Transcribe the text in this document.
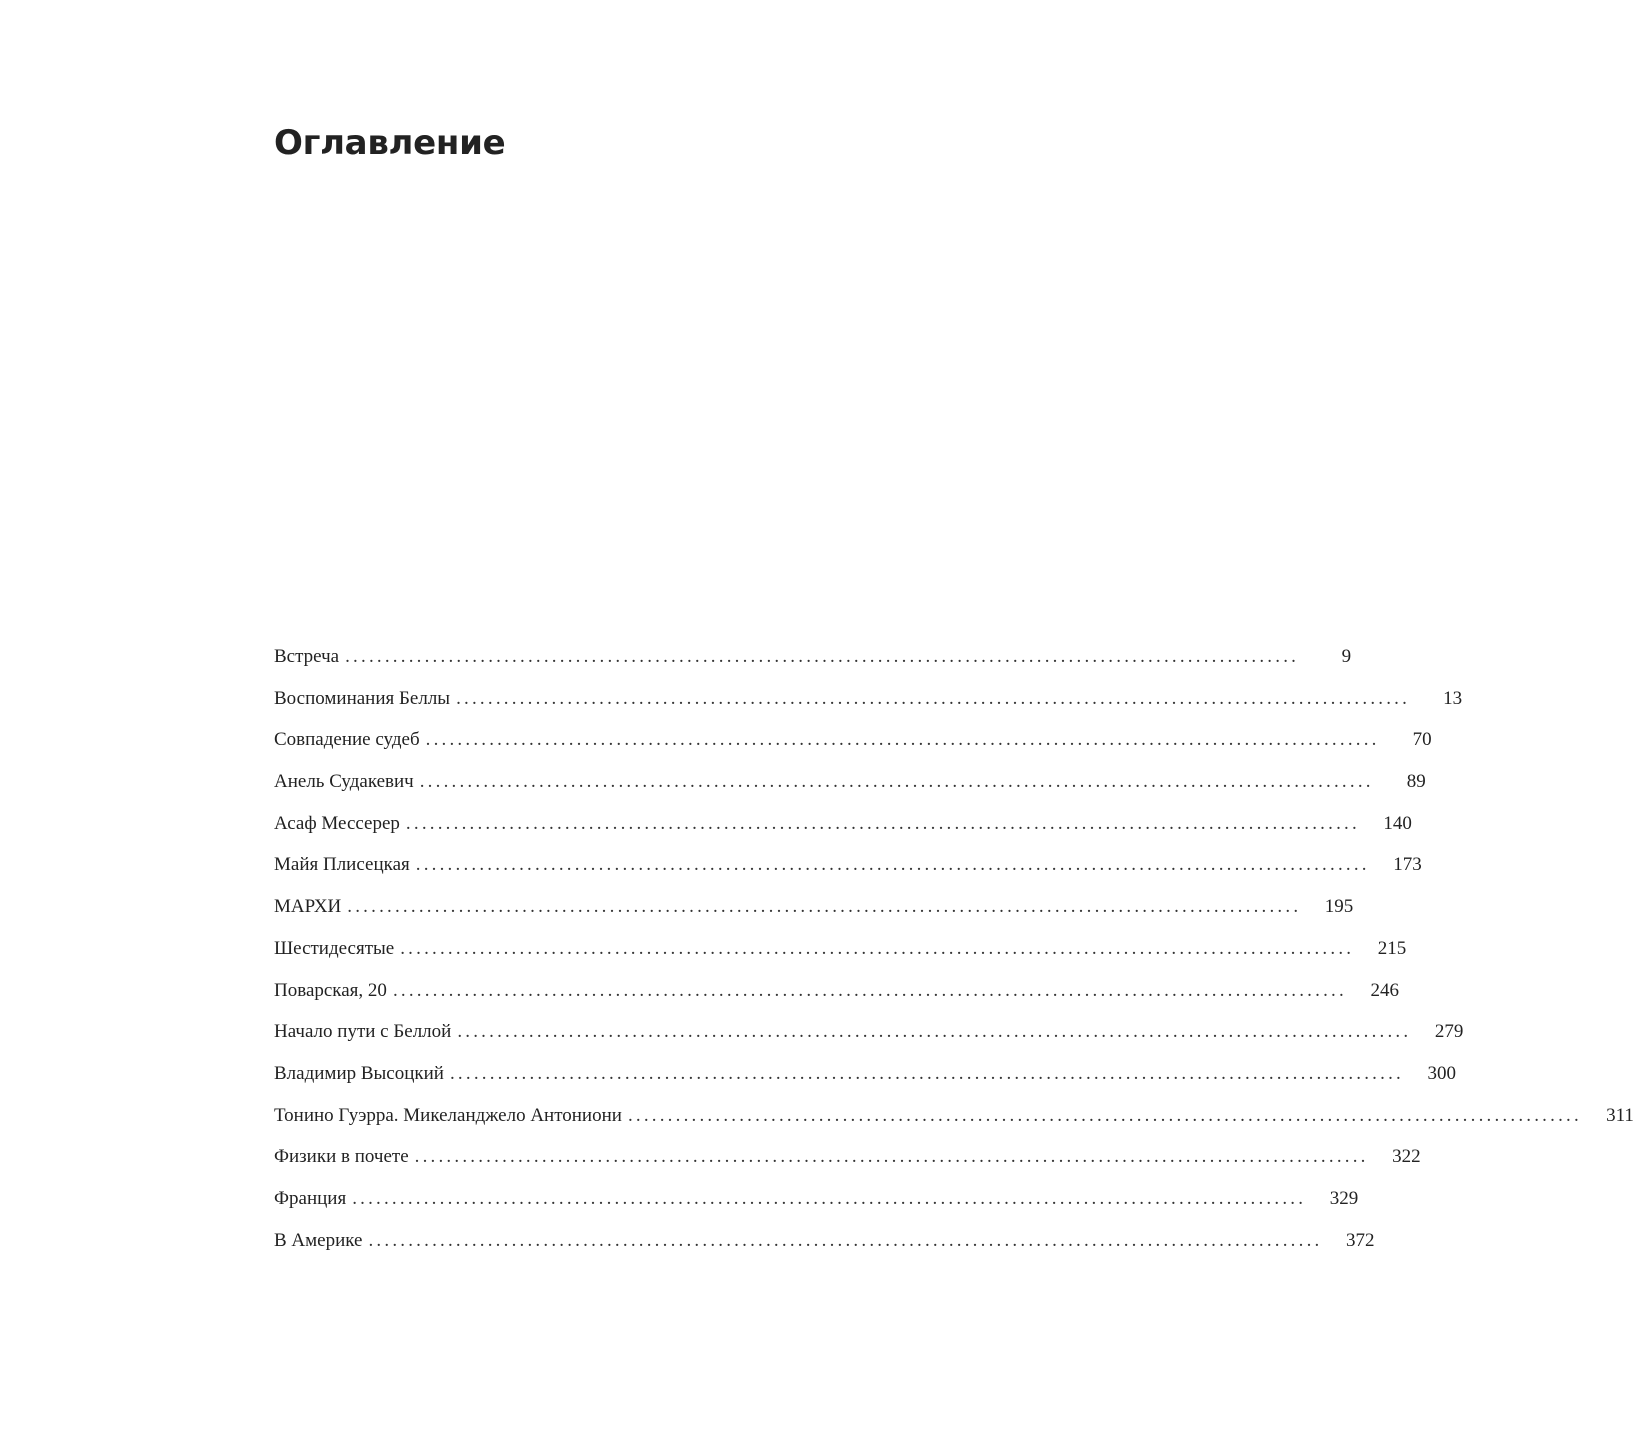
Оглавление
Встреча ........................................................................................................................	9
Воспоминания Беллы ........................................................................................................................	13
Совпадение судеб ........................................................................................................................	70
Анель Судакевич ........................................................................................................................	89
Асаф Мессерер ........................................................................................................................	140
Майя Плисецкая ........................................................................................................................	173
МАРХИ ........................................................................................................................	195
Шестидесятые ........................................................................................................................	215
Поварская, 20 ........................................................................................................................	246
Начало пути с Беллой ........................................................................................................................	279
Владимир Высоцкий ........................................................................................................................	300
Тонино Гуэрра. Микеланджело Антониони ........................................................................................................................	311
Физики в почете ........................................................................................................................	322
Франция ........................................................................................................................	329
В Америке ........................................................................................................................	372
